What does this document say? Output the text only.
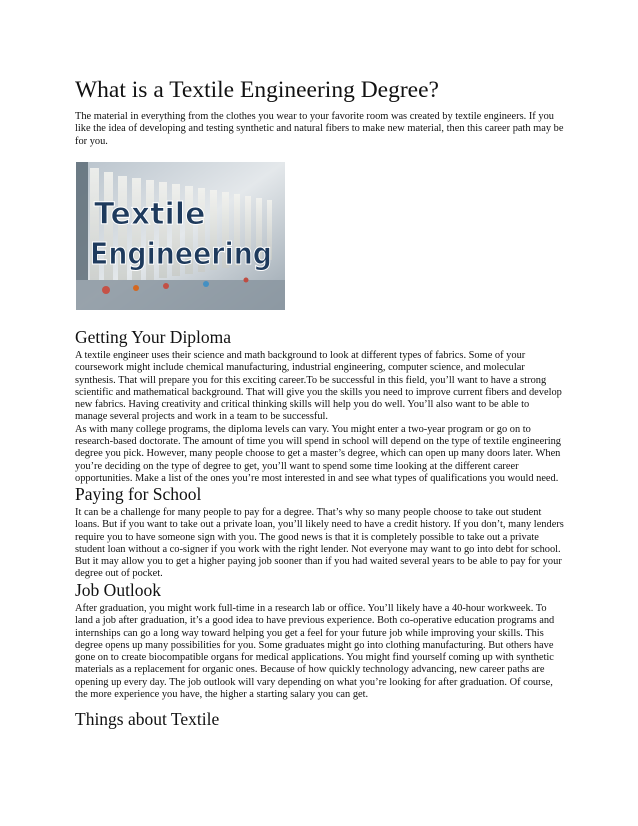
What is a Textile Engineering Degree?

The material in everything from the clothes you wear to your favorite room was created by textile engineers. If you like the idea of developing and testing synthetic and natural fibers to make new material, then this career path may be for you.

Textile
Engineering
Getting Your Diploma

A textile engineer uses their science and math background to look at different types of fabrics. Some of your coursework might include chemical manufacturing, industrial engineering, computer science, and molecular synthesis. That will prepare you for this exciting career.To be successful in this field, you’ll want to have a strong scientific and mathematical background. That will give you the skills you need to improve current fibers and develop new fabrics. Having creativity and critical thinking skills will help you do well. You’ll also want to be able to manage several projects and work in a team to be successful.

As with many college programs, the diploma levels can vary. You might enter a two-year program or go on to research-based doctorate. The amount of time you will spend in school will depend on the type of textile engineering degree you pick. However, many people choose to get a master’s degree, which can open up many doors later. When you’re deciding on the type of degree to get, you’ll want to spend some time looking at the different career opportunities. Make a list of the ones you’re most interested in and see what types of qualifications you would need.

Paying for School

It can be a challenge for many people to pay for a degree. That’s why so many people choose to take out student loans. But if you want to take out a private loan, you’ll likely need to have a credit history. If you don’t, many lenders require you to have someone sign with you. The good news is that it is completely possible to take out a private student loan without a co-signer if you work with the right lender. Not everyone may want to go into debt for school. But it may allow you to get a higher paying job sooner than if you had waited several years to be able to pay for your degree out of pocket.

Job Outlook

After graduation, you might work full-time in a research lab or office. You’ll likely have a 40-hour workweek. To land a job after graduation, it’s a good idea to have previous experience. Both co-operative education programs and internships can go a long way toward helping you get a feel for your future job while improving your skills. This degree opens up many possibilities for you. Some graduates might go into clothing manufacturing. But others have gone on to create biocompatible organs for medical applications. You might find yourself coming up with synthetic materials as a replacement for organic ones. Because of how quickly technology advancing, new career paths are opening up every day. The job outlook will vary depending on what you’re looking for after graduation. Of course, the more experience you have, the higher a starting salary you can get.

Things about Textile
